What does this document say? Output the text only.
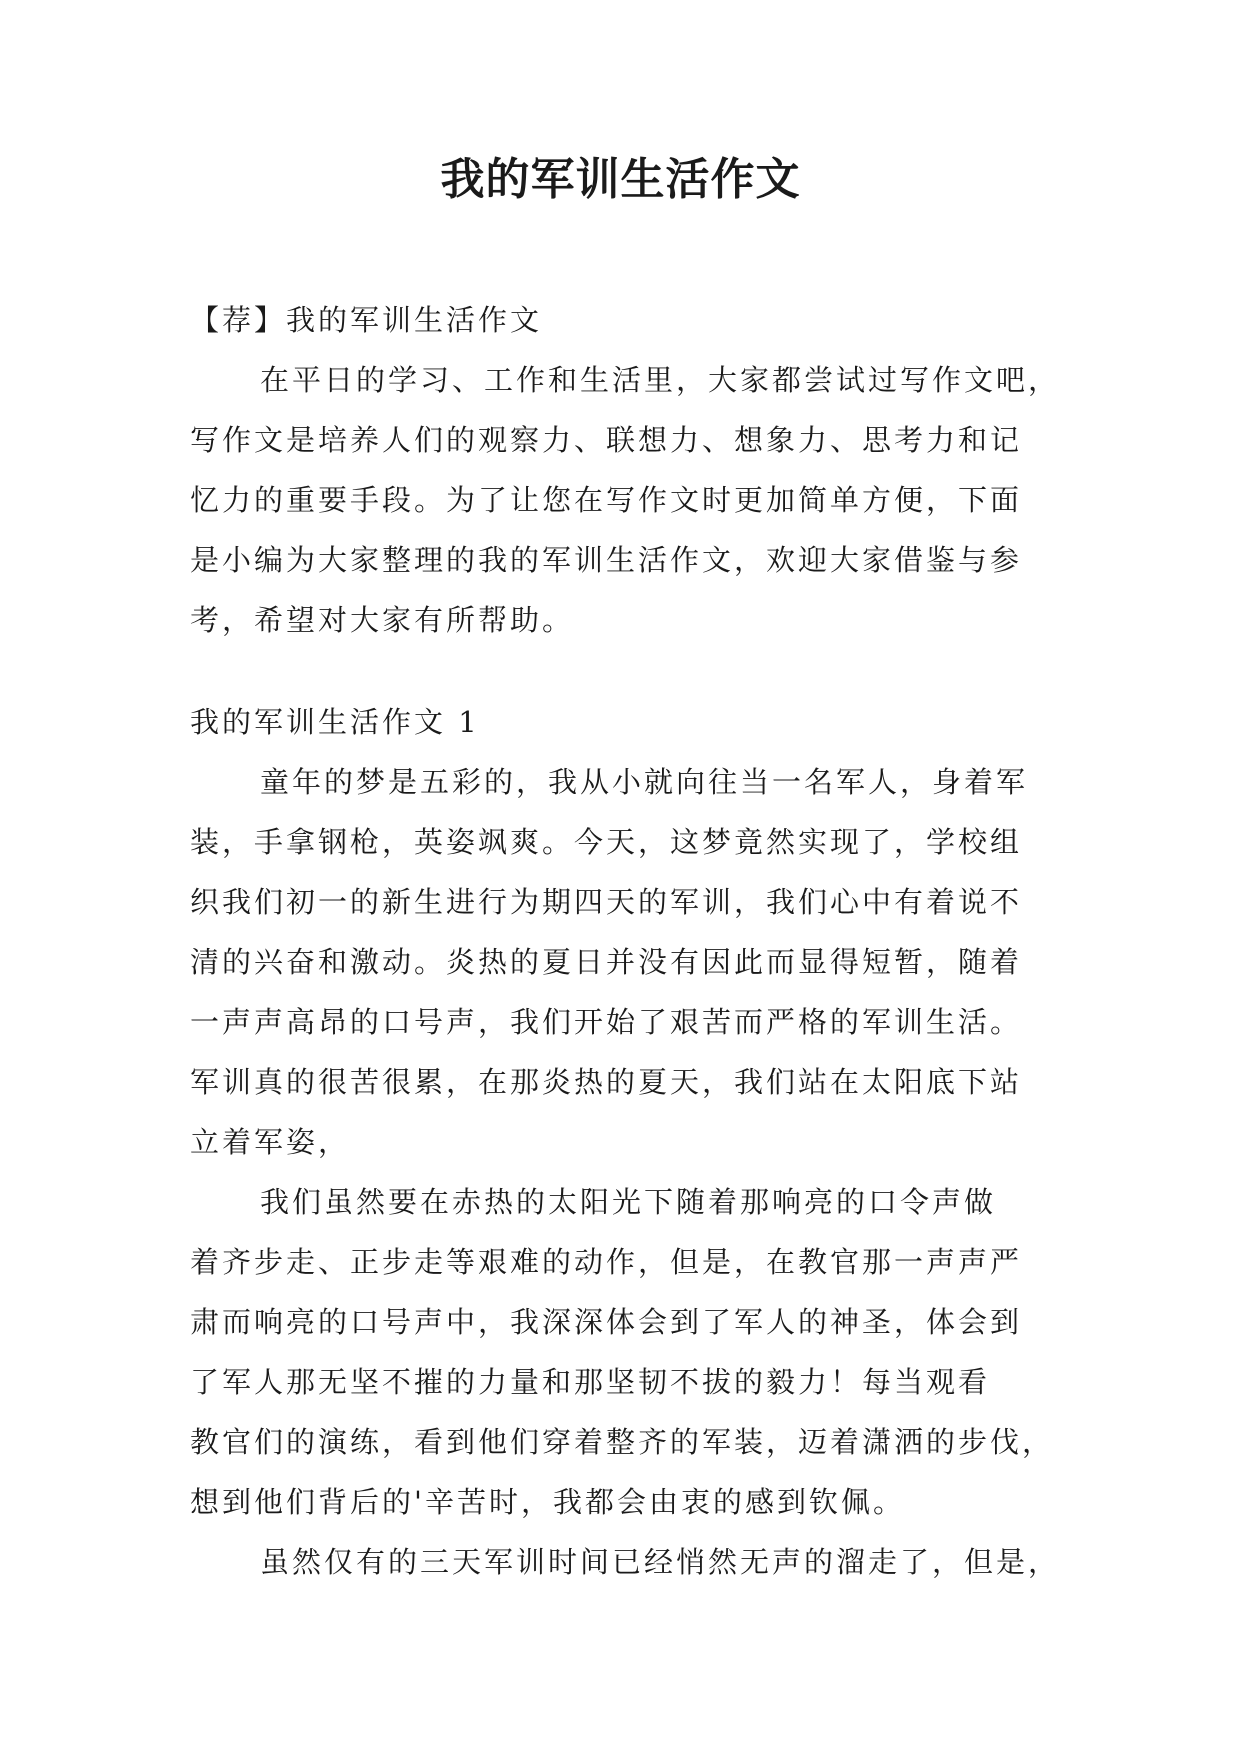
我的军训生活作文
【荐】我的军训生活作文
在平日的学习、工作和生活里，大家都尝试过写作文吧，
写作文是培养人们的观察力、联想力、想象力、思考力和记
忆力的重要手段。为了让您在写作文时更加简单方便，下面
是小编为大家整理的我的军训生活作文，欢迎大家借鉴与参
考，希望对大家有所帮助。
我的军训生活作文 1
童年的梦是五彩的，我从小就向往当一名军人，身着军
装，手拿钢枪，英姿飒爽。今天，这梦竟然实现了，学校组
织我们初一的新生进行为期四天的军训，我们心中有着说不
清的兴奋和激动。炎热的夏日并没有因此而显得短暂，随着
一声声高昂的口号声，我们开始了艰苦而严格的军训生活。
军训真的很苦很累，在那炎热的夏天，我们站在太阳底下站
立着军姿，
我们虽然要在赤热的太阳光下随着那响亮的口令声做
着齐步走、正步走等艰难的动作，但是，在教官那一声声严
肃而响亮的口号声中，我深深体会到了军人的神圣，体会到
了军人那无坚不摧的力量和那坚韧不拔的毅力！每当观看
教官们的演练，看到他们穿着整齐的军装，迈着潇洒的步伐，
想到他们背后的'辛苦时，我都会由衷的感到钦佩。
虽然仅有的三天军训时间已经悄然无声的溜走了，但是，
